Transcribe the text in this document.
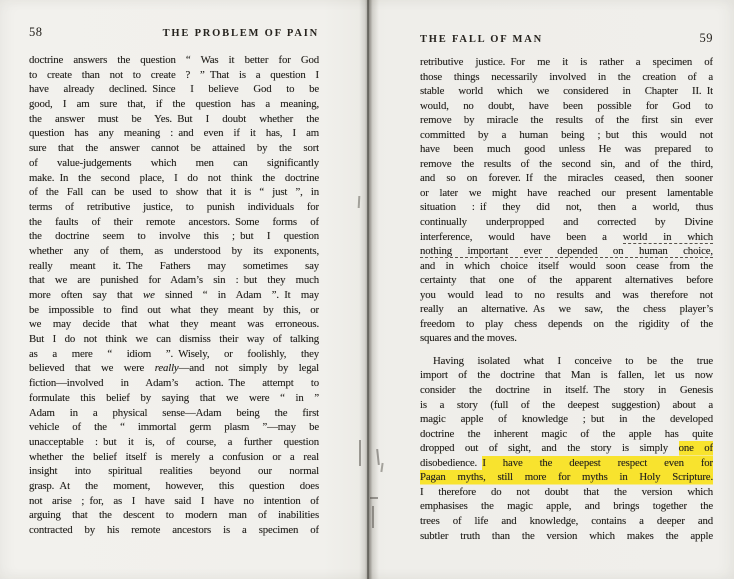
58	THE PROBLEM OF PAIN
doctrine answers the question “ Was it better for God
to create than not to create ? ” That is a question I
have already declined. Since I believe God to be
good, I am sure that, if the question has a meaning,
the answer must be Yes. But I doubt whether the
question has any meaning : and even if it has, I am
sure that the answer cannot be attained by the sort
of value-judgements which men can significantly
make. In the second place, I do not think the doctrine
of the Fall can be used to show that it is “ just ”, in
terms of retributive justice, to punish individuals for
the faults of their remote ancestors. Some forms of
the doctrine seem to involve this ; but I question
whether any of them, as understood by its exponents,
really meant it. The Fathers may sometimes say
that we are punished for Adam’s sin : but they much
more often say that we sinned “ in Adam ”. It may
be impossible to find out what they meant by this, or
we may decide that what they meant was erroneous.
But I do not think we can dismiss their way of talking
as a mere “ idiom ”. Wisely, or foolishly, they
believed that we were really—and not simply by legal
fiction—involved in Adam’s action. The attempt to
formulate this belief by saying that we were “ in ”
Adam in a physical sense—Adam being the first
vehicle of the “ immortal germ plasm ”—may be
unacceptable : but it is, of course, a further question
whether the belief itself is merely a confusion or a real
insight into spiritual realities beyond our normal
grasp. At the moment, however, this question does
not arise ; for, as I have said I have no intention of
arguing that the descent to modern man of inabilities
contracted by his remote ancestors is a specimen of
THE FALL OF MAN	59
retributive justice. For me it is rather a specimen of
those things necessarily involved in the creation of a
stable world which we considered in Chapter II. It
would, no doubt, have been possible for God to
remove by miracle the results of the first sin ever
committed by a human being ; but this would not
have been much good unless He was prepared to
remove the results of the second sin, and of the third,
and so on forever. If the miracles ceased, then sooner
or later we might have reached our present lamentable
situation : if they did not, then a world, thus
continually underpropped and corrected by Divine
interference, would have been a world in which
nothing important ever depended on human choice,
and in which choice itself would soon cease from the
certainty that one of the apparent alternatives before
you would lead to no results and was therefore not
really an alternative. As we saw, the chess player’s
freedom to play chess depends on the rigidity of the
squares and the moves.
Having isolated what I conceive to be the true
import of the doctrine that Man is fallen, let us now
consider the doctrine in itself. The story in Genesis
is a story (full of the deepest suggestion) about a
magic apple of knowledge ; but in the developed
doctrine the inherent magic of the apple has quite
dropped out of sight, and the story is simply one of
disobedience. I have the deepest respect even for
Pagan myths, still more for myths in Holy Scripture.
I therefore do not doubt that the version which
emphasises the magic apple, and brings together the
trees of life and knowledge, contains a deeper and
subtler truth than the version which makes the apple
